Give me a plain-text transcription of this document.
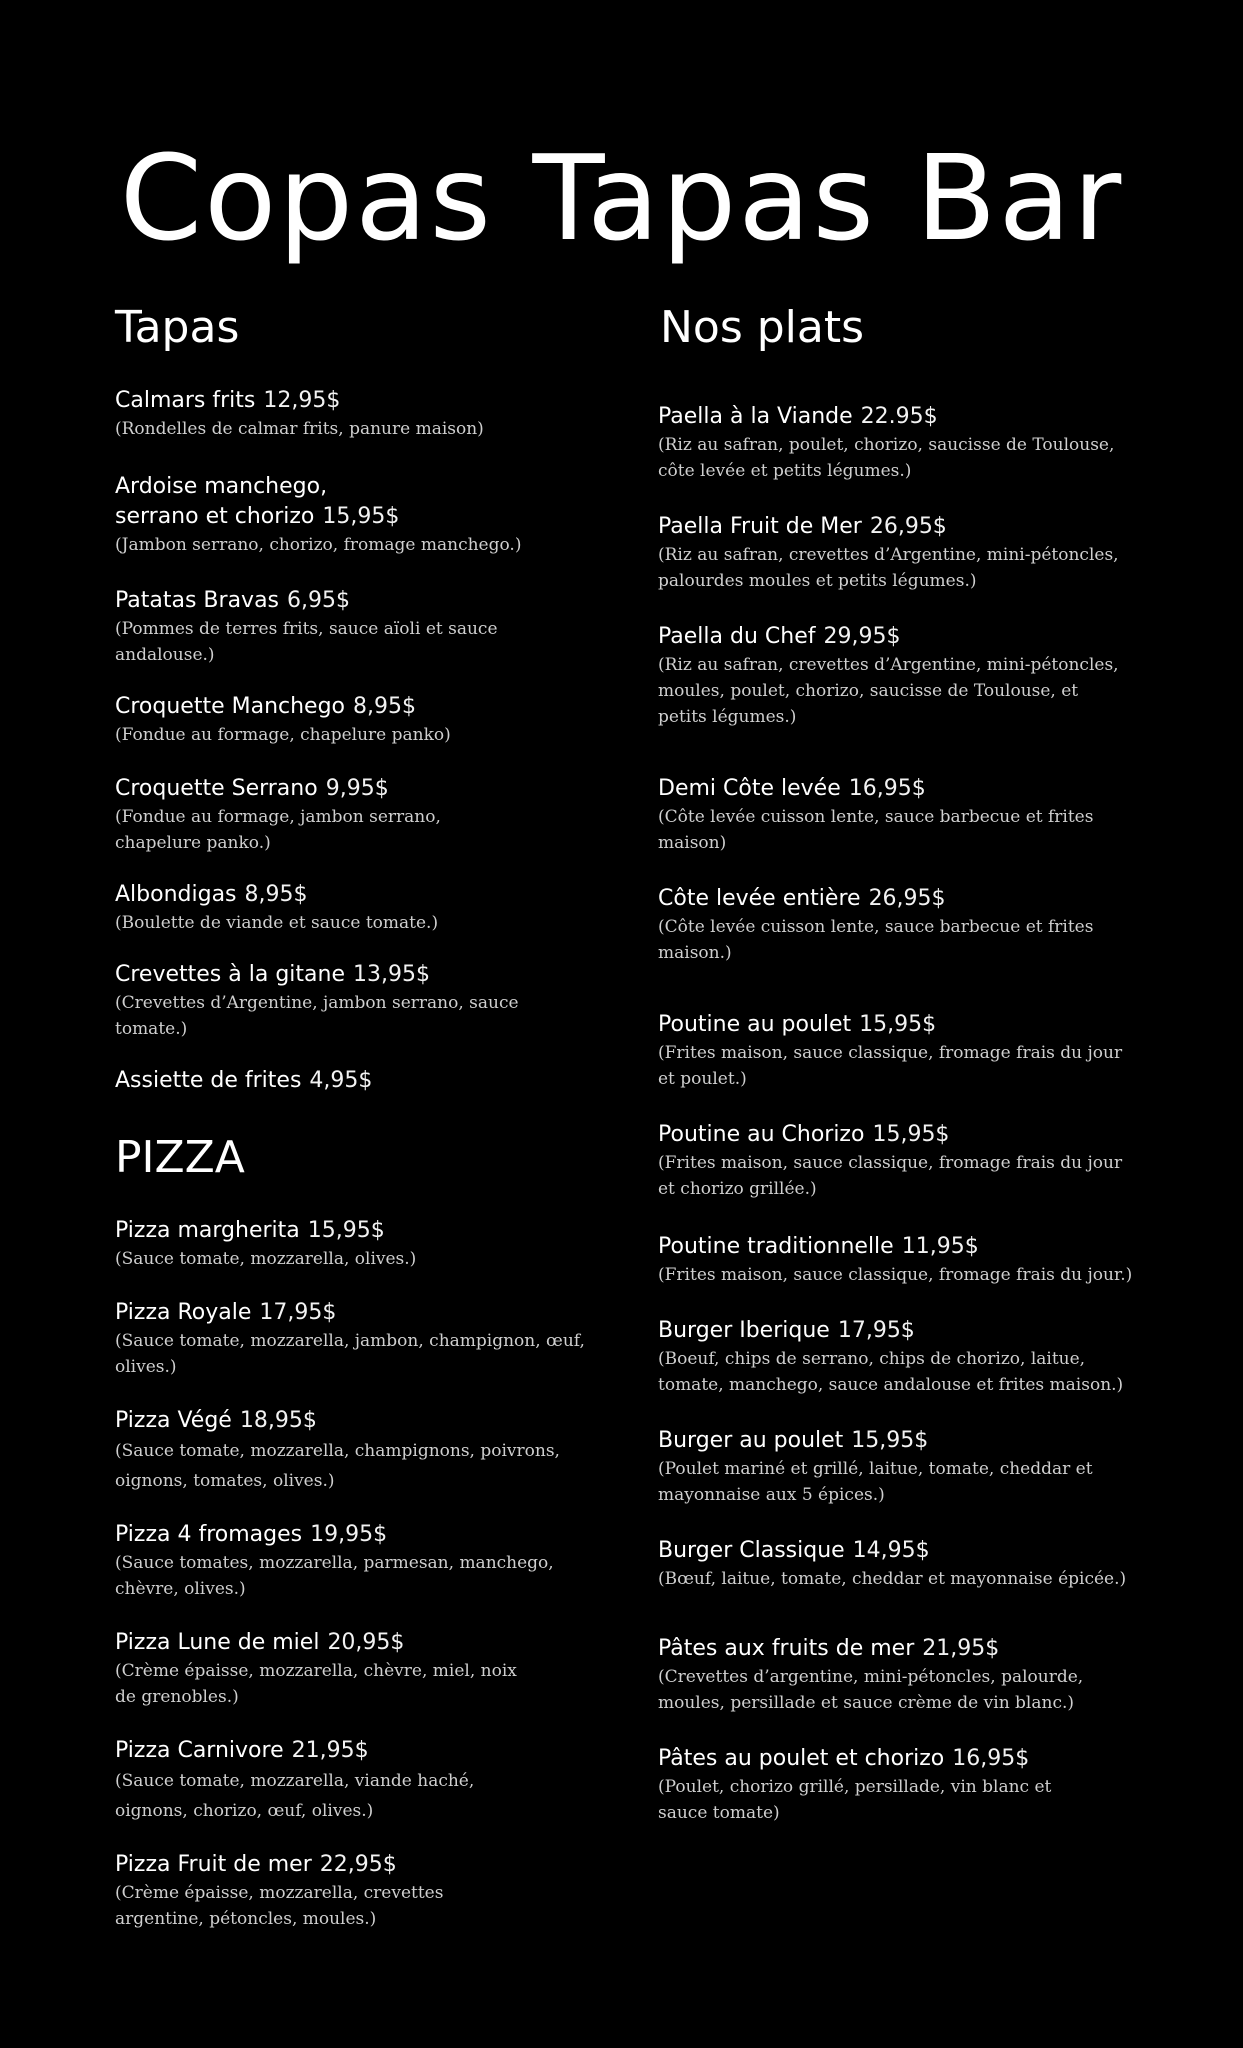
Copas Tapas Bar
Tapas
Calmars frits 12,95$
(Rondelles de calmar frits, panure maison)
Ardoise manchego, serrano et chorizo 15,95$
(Jambon serrano, chorizo, fromage manchego.)
Patatas Bravas 6,95$
(Pommes de terres frits, sauce aïoli et sauce andalouse.)
Croquette Manchego 8,95$
(Fondue au formage, chapelure panko)
Croquette Serrano 9,95$
(Fondue au formage, jambon serrano, chapelure panko.)
Albondigas 8,95$
(Boulette de viande et sauce tomate.)
Crevettes à la gitane 13,95$
(Crevettes d’Argentine, jambon serrano, sauce tomate.)
Assiette de frites 4,95$
PIZZA
Pizza margherita 15,95$
(Sauce tomate, mozzarella, olives.)
Pizza Royale 17,95$
(Sauce tomate, mozzarella, jambon, champignon, œuf, olives.)
Pizza Végé 18,95$
(Sauce tomate, mozzarella, champignons, poivrons, oignons, tomates, olives.)
Pizza 4 fromages 19,95$
(Sauce tomates, mozzarella, parmesan, manchego, chèvre, olives.)
Pizza Lune de miel 20,95$
(Crème épaisse, mozzarella, chèvre, miel, noix de grenobles.)
Pizza Carnivore 21,95$
(Sauce tomate, mozzarella, viande haché, oignons, chorizo, œuf, olives.)
Pizza Fruit de mer 22,95$
(Crème épaisse, mozzarella, crevettes argentine, pétoncles, moules.)
Nos plats
Paella à la Viande 22.95$
(Riz au safran, poulet, chorizo, saucisse de Toulouse, côte levée et petits légumes.)
Paella Fruit de Mer 26,95$
(Riz au safran, crevettes d’Argentine, mini-pétoncles, palourdes moules et petits légumes.)
Paella du Chef 29,95$
(Riz au safran, crevettes d’Argentine, mini-pétoncles, moules, poulet, chorizo, saucisse de Toulouse, et petits légumes.)
Demi Côte levée 16,95$
(Côte levée cuisson lente, sauce barbecue et frites maison)
Côte levée entière 26,95$
(Côte levée cuisson lente, sauce barbecue et frites maison.)
Poutine au poulet 15,95$
(Frites maison, sauce classique, fromage frais du jour et poulet.)
Poutine au Chorizo 15,95$
(Frites maison, sauce classique, fromage frais du jour et chorizo grillée.)
Poutine traditionnelle 11,95$
(Frites maison, sauce classique, fromage frais du jour.)
Burger Iberique 17,95$
(Boeuf, chips de serrano, chips de chorizo, laitue, tomate, manchego, sauce andalouse et frites maison.)
Burger au poulet 15,95$
(Poulet mariné et grillé, laitue, tomate, cheddar et mayonnaise aux 5 épices.)
Burger Classique 14,95$
(Bœuf, laitue, tomate, cheddar et mayonnaise épicée.)
Pâtes aux fruits de mer 21,95$
(Crevettes d’argentine, mini-pétoncles, palourde, moules, persillade et sauce crème de vin blanc.)
Pâtes au poulet et chorizo 16,95$
(Poulet, chorizo grillé, persillade, vin blanc et sauce tomate)
